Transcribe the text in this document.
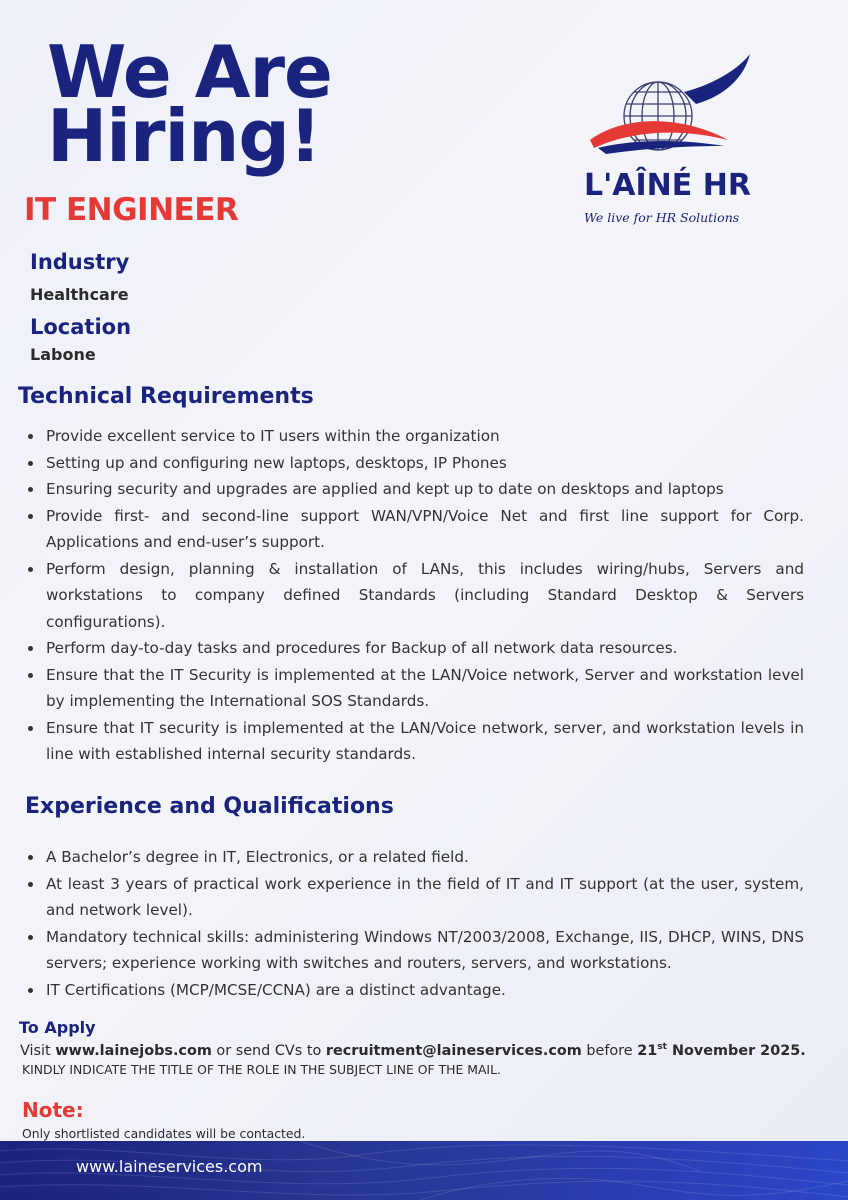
We Are
Hiring!
IT ENGINEER

Industry

Healthcare

Location

Labone

L'AÎNÉ HR

We live for HR Solutions

Technical Requirements
Provide excellent service to IT users within the organization
Setting up and configuring new laptops, desktops, IP Phones
Ensuring security and upgrades are applied and kept up to date on desktops and laptops
Provide first- and second-line support WAN/VPN/Voice Net and first line support for Corp. Applications and end-user’s support.
Perform design, planning & installation of LANs, this includes wiring/hubs, Servers and workstations to company defined Standards (including Standard Desktop & Servers configurations).
Perform day-to-day tasks and procedures for Backup of all network data resources.
Ensure that the IT Security is implemented at the LAN/Voice network, Server and workstation level by implementing the International SOS Standards.
Ensure that IT security is implemented at the LAN/Voice network, server, and workstation levels in line with established internal security standards.
Experience and Qualifications
A Bachelor’s degree in IT, Electronics, or a related field.
At least 3 years of practical work experience in the field of IT and IT support (at the user, system, and network level).
Mandatory technical skills: administering Windows NT/2003/2008, Exchange, IIS, DHCP, WINS, DNS servers; experience working with switches and routers, servers, and workstations.
IT Certifications (MCP/MCSE/CCNA) are a distinct advantage.

To Apply

Visit www.lainejobs.com or send CVs to recruitment@laineservices.com before 21st November 2025.

KINDLY INDICATE THE TITLE OF THE ROLE IN THE SUBJECT LINE OF THE MAIL.

Note:

Only shortlisted candidates will be contacted.

www.laineservices.com
